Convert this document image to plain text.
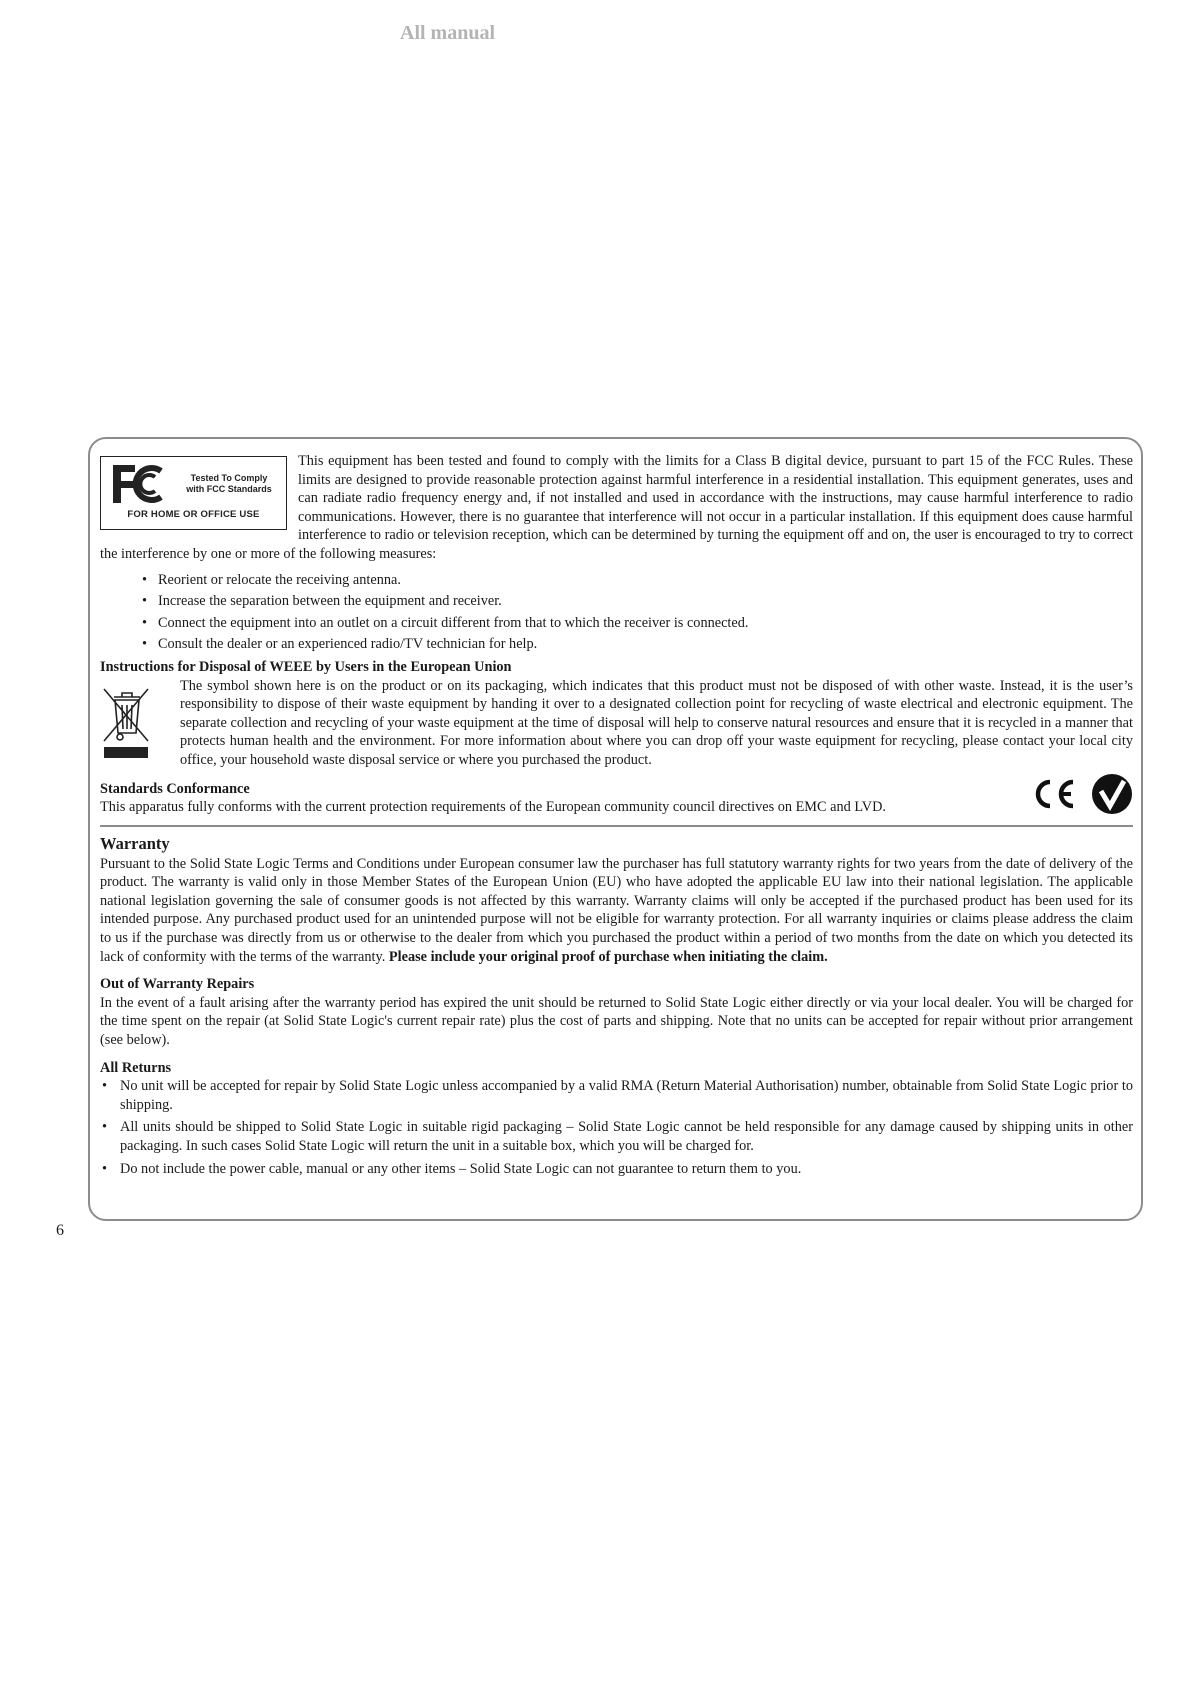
All manual
Tested To Comply
with FCC Standards
FOR HOME OR OFFICE USE

This equipment has been tested and found to comply with the limits for a Class B digital device, pursuant to part 15 of the FCC Rules. These limits are designed to provide reasonable protection against harmful interference in a residential installation. This equipment generates, uses and can radiate radio frequency energy and, if not installed and used in accordance with the instructions, may cause harmful interference to radio communications. However, there is no guarantee that interference will not occur in a particular installation. If this equipment does cause harmful interference to radio or television reception, which can be determined by turning the equipment off and on, the user is encouraged to try to correct the interference by one or more of the following measures:

• Reorient or relocate the receiving antenna.
• Increase the separation between the equipment and receiver.
• Connect the equipment into an outlet on a circuit different from that to which the receiver is connected.
• Consult the dealer or an experienced radio/TV technician for help.
Instructions for Disposal of WEEE by Users in the European Union

The symbol shown here is on the product or on its packaging, which indicates that this product must not be disposed of with other waste. Instead, it is the user’s responsibility to dispose of their waste equipment by handing it over to a designated collection point for recycling of waste electrical and electronic equipment. The separate collection and recycling of your waste equipment at the time of disposal will help to conserve natural resources and ensure that it is recycled in a manner that protects human health and the environment. For more information about where you can drop off your waste equipment for recycling, please contact your local city office, your household waste disposal service or where you purchased the product.

Standards Conformance
This apparatus fully conforms with the current protection requirements of the European community council directives on EMC and LVD.
Warranty

Pursuant to the Solid State Logic Terms and Conditions under European consumer law the purchaser has full statutory warranty rights for two years from the date of delivery of the product. The warranty is valid only in those Member States of the European Union (EU) who have adopted the applicable EU law into their national legislation. The applicable national legislation governing the sale of consumer goods is not affected by this warranty. Warranty claims will only be accepted if the purchased product has been used for its intended purpose. Any purchased product used for an unintended purpose will not be eligible for warranty protection. For all warranty inquiries or claims please address the claim to us if the purchase was directly from us or otherwise to the dealer from which you purchased the product within a period of two months from the date on which you detected its lack of conformity with the terms of the warranty. Please include your original proof of purchase when initiating the claim.

Out of Warranty Repairs

In the event of a fault arising after the warranty period has expired the unit should be returned to Solid State Logic either directly or via your local dealer. You will be charged for the time spent on the repair (at Solid State Logic's current repair rate) plus the cost of parts and shipping. Note that no units can be accepted for repair without prior arrangement (see below).

All Returns
• No unit will be accepted for repair by Solid State Logic unless accompanied by a valid RMA (Return Material Authorisation) number, obtainable from Solid State Logic prior to shipping.
• All units should be shipped to Solid State Logic in suitable rigid packaging – Solid State Logic cannot be held responsible for any damage caused by shipping units in other packaging. In such cases Solid State Logic will return the unit in a suitable box, which you will be charged for.
• Do not include the power cable, manual or any other items – Solid State Logic can not guarantee to return them to you.
6
